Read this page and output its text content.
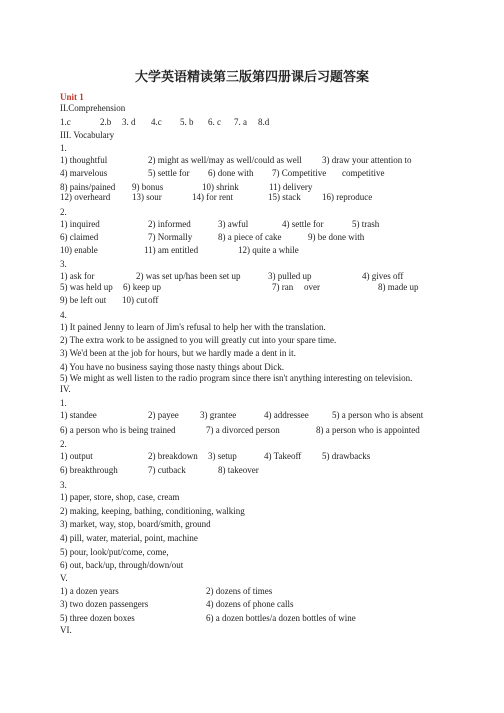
大学英语精读第三版第四册课后习题答案
Unit 1
II.Comprehension
1.c	2.b 3. d 4.c 5. b 6. c 7. a 8.d
III. Vocabulary
1.
1) thoughtful	2) might as well/may as well/could as well 3) draw your attention to
4) marvelous	5) settle for 6) done with 7) Competitive competitive
8) pains/pained 9) bonus	10) shrink	11) delivery
12) overheard 13) sour	14) for rent	15) stack 16) reproduce
2.
1) inquired	2) informed	3) awful	4) settle for	5) trash
6) claimed	7) Normally	8) a piece of cake	9) be done with
10) enable	11) am entitled	12) quite a while
3.
1) ask for	2) was set up/has been set up	3) pulled up	4) gives off
5) was held up 6) keep up	7) ran over	8) made up
9) be left out 10) cut off
4.
1) It pained Jenny to learn of Jim's refusal to help her with the translation.
2) The extra work to be assigned to you will greatly cut into your spare time.
3) We'd been at the job for hours, but we hardly made a dent in it.
4) You have no business saying those nasty things about Dick.
5) We might as well listen to the radio program since there isn't anything interesting on television.
IV.
1.
1) standee	2) payee 3) grantee	4) addressee	5) a person who is absent
6) a person who is being trained	7) a divorced person	8) a person who is appointed
2.
1) output	2) breakdown 3) setup	4) Takeoff 5) drawbacks
6) breakthrough	7) cutback	8) takeover
3.
1) paper, store, shop, case, cream
2) making, keeping, bathing, conditioning, walking
3) market, way, stop, board/smith, ground
4) pill, water, material, point, machine
5) pour, look/put/come, come,
6) out, back/up, through/down/out
V.
1) a dozen years	2) dozens of times
3) two dozen passengers	4) dozens of phone calls
5) three dozen boxes	6) a dozen bottles/a dozen bottles of wine
VI.
